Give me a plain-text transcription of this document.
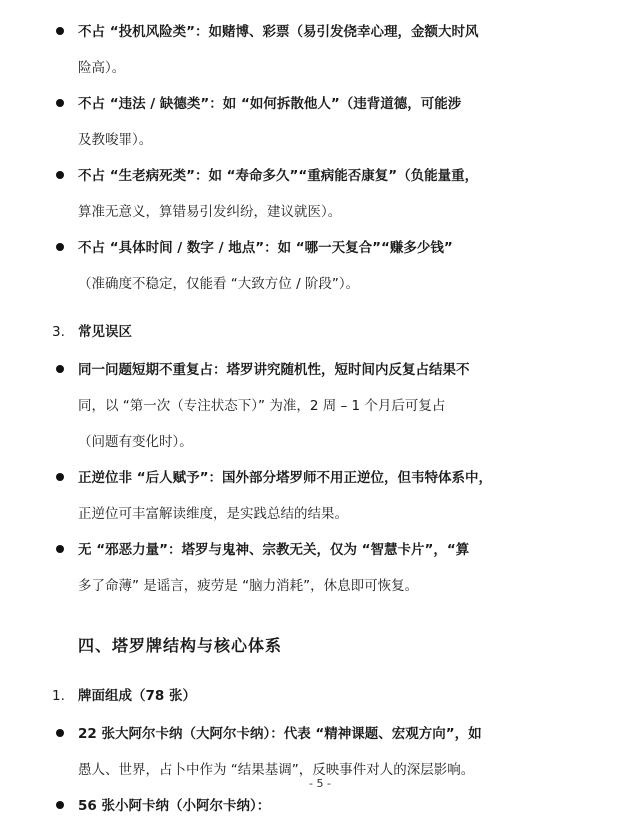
不占 “投机风险类”：如赌博、彩票（易引发侥幸心理，金额大时风
险高）。
不占 “违法 / 缺德类”：如 “如何拆散他人”（违背道德，可能涉
及教唆罪）。
不占 “生老病死类”：如 “寿命多久”“重病能否康复”（负能量重，
算准无意义，算错易引发纠纷，建议就医）。
不占 “具体时间 / 数字 / 地点”：如 “哪一天复合”“赚多少钱”
（准确度不稳定，仅能看 “大致方位 / 阶段”）。
3. 常见误区
同一问题短期不重复占：塔罗讲究随机性，短时间内反复占结果不
同，以 “第一次（专注状态下）” 为准，2 周 – 1 个月后可复占
（问题有变化时）。
正逆位非 “后人赋予”：国外部分塔罗师不用正逆位，但韦特体系中，
正逆位可丰富解读维度，是实践总结的结果。
无 “邪恶力量”：塔罗与鬼神、宗教无关，仅为 “智慧卡片”，“算
多了命薄” 是谣言，疲劳是 “脑力消耗”，休息即可恢复。
四、塔罗牌结构与核心体系
1. 牌面组成（78 张）
22 张大阿尔卡纳（大阿尔卡纳）：代表 “精神课题、宏观方向”，如
愚人、世界，占卜中作为 “结果基调”，反映事件对人的深层影响。
56 张小阿卡纳（小阿尔卡纳）：
- 5 -
